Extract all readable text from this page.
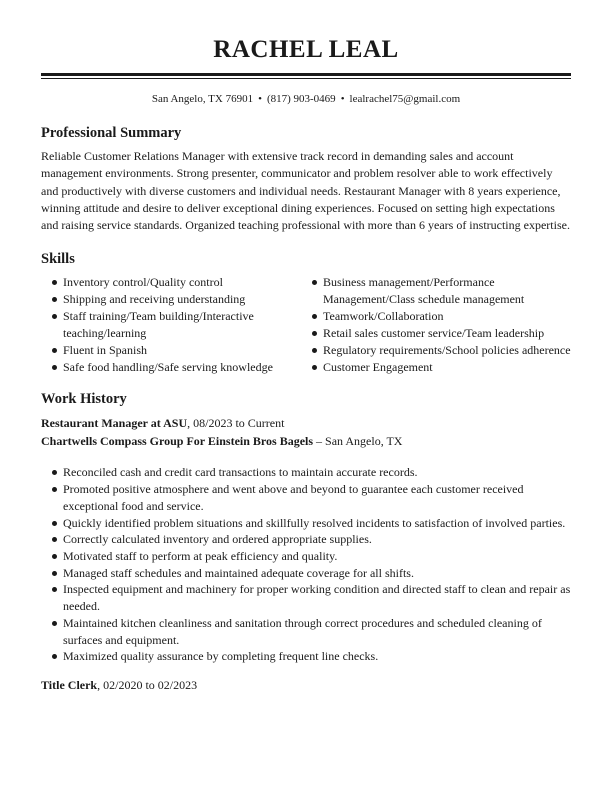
RACHEL LEAL
San Angelo, TX 76901 • (817) 903-0469 • lealrachel75@gmail.com
Professional Summary

Reliable Customer Relations Manager with extensive track record in demanding sales and account management environments. Strong presenter, communicator and problem resolver able to work effectively and productively with diverse customers and individual needs. Restaurant Manager with 8 years experience, winning attitude and desire to deliver exceptional dining experiences. Focused on setting high expectations and raising service standards. Organized teaching professional with more than 6 years of instructing expertise.

Skills
Inventory control/Quality control
Shipping and receiving understanding
Staff training/Team building/Interactive teaching/learning
Fluent in Spanish
Safe food handling/Safe serving knowledge
Business management/Performance Management/Class schedule management
Teamwork/Collaboration
Retail sales customer service/Team leadership
Regulatory requirements/School policies adherence
Customer Engagement
Work History

Restaurant Manager at ASU, 08/2023 to Current

Chartwells Compass Group For Einstein Bros Bagels – San Angelo, TX

Reconciled cash and credit card transactions to maintain accurate records.
Promoted positive atmosphere and went above and beyond to guarantee each customer received exceptional food and service.
Quickly identified problem situations and skillfully resolved incidents to satisfaction of involved parties.
Correctly calculated inventory and ordered appropriate supplies.
Motivated staff to perform at peak efficiency and quality.
Managed staff schedules and maintained adequate coverage for all shifts.
Inspected equipment and machinery for proper working condition and directed staff to clean and repair as needed.
Maintained kitchen cleanliness and sanitation through correct procedures and scheduled cleaning of surfaces and equipment.
Maximized quality assurance by completing frequent line checks.

Title Clerk, 02/2020 to 02/2023
